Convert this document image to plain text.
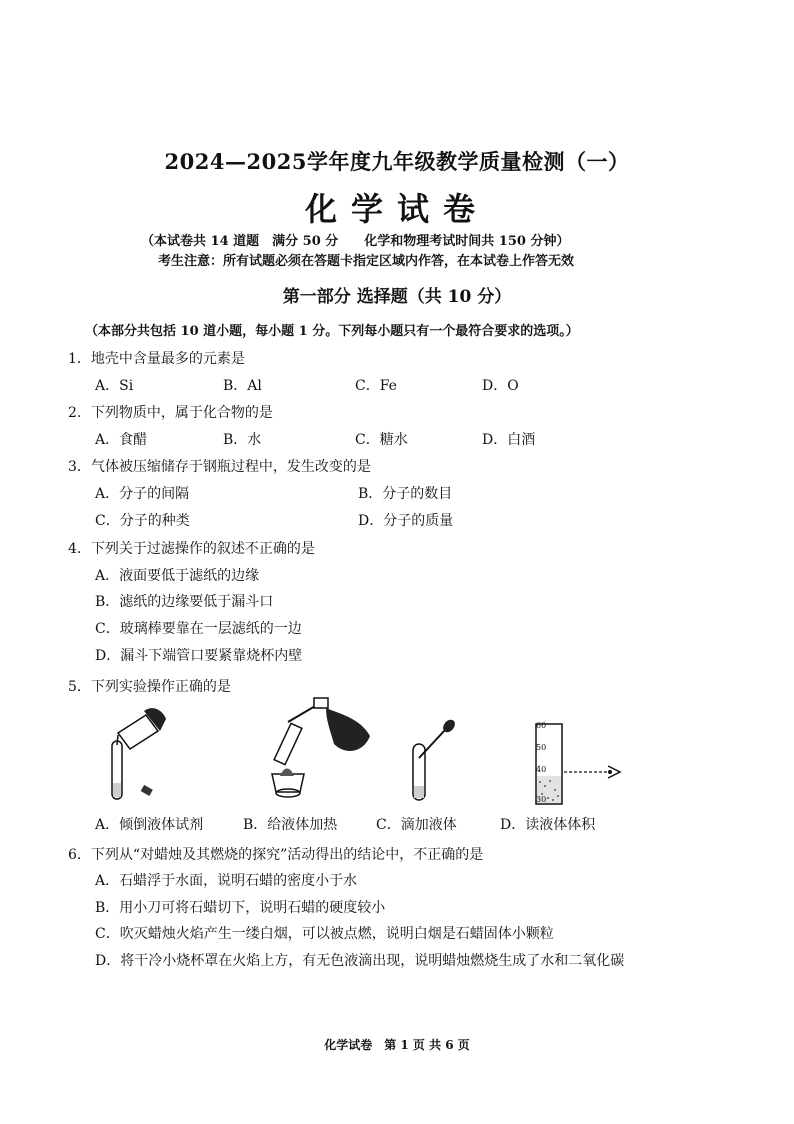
2024—2025学年度九年级教学质量检测（一）
化学试卷
（本试卷共 14 道题　满分 50 分　　化学和物理考试时间共 150 分钟）
考生注意：所有试题必须在答题卡指定区域内作答，在本试卷上作答无效
第一部分 选择题（共 10 分）
（本部分共包括 10 道小题，每小题 1 分。下列每小题只有一个最符合要求的选项。）
1．地壳中含量最多的元素是
A．Si	B．Al	C．Fe	D．O
2．下列物质中，属于化合物的是
A．食醋	B．水	C．糖水	D．白酒
3．气体被压缩储存于钢瓶过程中，发生改变的是
A．分子的间隔	B．分子的数目
C．分子的种类	D．分子的质量
4．下列关于过滤操作的叙述不正确的是
A．液面要低于滤纸的边缘
B．滤纸的边缘要低于漏斗口
C．玻璃棒要靠在一层滤纸的一边
D．漏斗下端管口要紧靠烧杯内壁
5．下列实验操作正确的是
60
50
40
30
A．倾倒液体试剂	B．给液体加热	C．滴加液体	D．读液体体积
6．下列从“对蜡烛及其燃烧的探究”活动得出的结论中，不正确的是
A．石蜡浮于水面，说明石蜡的密度小于水
B．用小刀可将石蜡切下，说明石蜡的硬度较小
C．吹灭蜡烛火焰产生一缕白烟，可以被点燃，说明白烟是石蜡固体小颗粒
D．将干冷小烧杯罩在火焰上方，有无色液滴出现，说明蜡烛燃烧生成了水和二氧化碳
化学试卷　第 1 页 共 6 页
